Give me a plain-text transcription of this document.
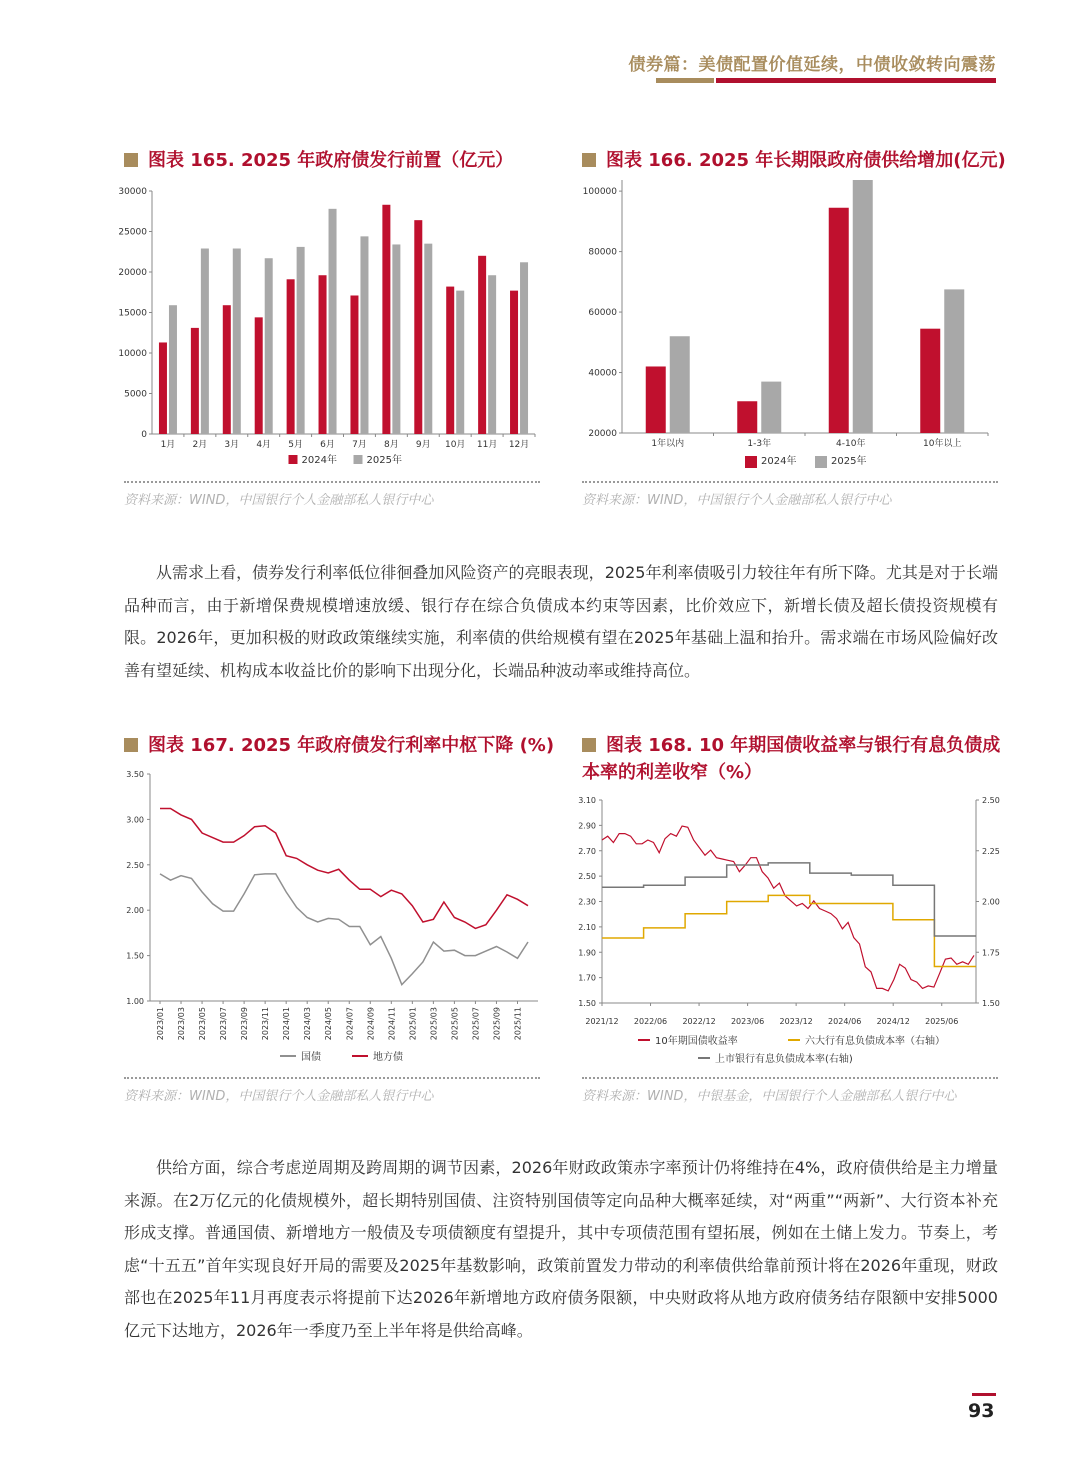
债券篇：美债配置价值延续，中债收敛转向震荡
图表 165. 2025 年政府债发行前置（亿元）
0
5000
10000
15000
20000
25000
30000
1月 2月 3月 4月 5月 6月 7月 8月 9月 10月 11月 12月
2024年	2025年
资料来源：WIND，中国银行个人金融部私人银行中心
图表 166. 2025 年长期限政府债供给增加(亿元)
20000
40000
60000
80000
100000
1年以内	1-3年	4-10年	10年以上
2024年	2025年
资料来源：WIND，中国银行个人金融部私人银行中心

从需求上看，债券发行利率低位徘徊叠加风险资产的亮眼表现，2025年利率债吸引力较往年有所下降。尤其是对于长端品种而言，由于新增保费规模增速放缓、银行存在综合负债成本约束等因素，比价效应下，新增长债及超长债投资规模有限。2026年，更加积极的财政政策继续实施，利率债的供给规模有望在2025年基础上温和抬升。需求端在市场风险偏好改善有望延续、机构成本收益比价的影响下出现分化，长端品种波动率或维持高位。

图表 167. 2025 年政府债发行利率中枢下降 (%)
1.00
1.50
2.00
2.50
3.00
3.50
2023/01 2023/03 2023/05 2023/07 2023/09 2023/11 2024/01 2024/03 2024/05 2024/07 2024/09 2024/11 2025/01 2025/03 2025/05 2025/07 2025/09 2025/11
国债	地方债
资料来源：WIND，中国银行个人金融部私人银行中心
图表 168. 10 年期国债收益率与银行有息负债成
本率的利差收窄（%）
1.50
1.70
1.90
2.10
2.30
2.50
2.70
2.90
3.10
1.50
1.75
2.00
2.25
2.50
2021/12 2022/06 2022/12 2023/06 2023/12 2024/06 2024/12 2025/06
10年期国债收益率	六大行有息负债成本率（右轴）
上市银行有息负债成本率(右轴)
资料来源：WIND，中银基金，中国银行个人金融部私人银行中心

供给方面，综合考虑逆周期及跨周期的调节因素，2026年财政政策赤字率预计仍将维持在4%，政府债供给是主力增量来源。在2万亿元的化债规模外，超长期特别国债、注资特别国债等定向品种大概率延续，对“两重”“两新”、大行资本补充形成支撑。普通国债、新增地方一般债及专项债额度有望提升，其中专项债范围有望拓展，例如在土储上发力。节奏上，考虑“十五五”首年实现良好开局的需要及2025年基数影响，政策前置发力带动的利率债供给靠前预计将在2026年重现，财政部也在2025年11月再度表示将提前下达2026年新增地方政府债务限额，中央财政将从地方政府债务结存限额中安排5000亿元下达地方，2026年一季度乃至上半年将是供给高峰。

93
